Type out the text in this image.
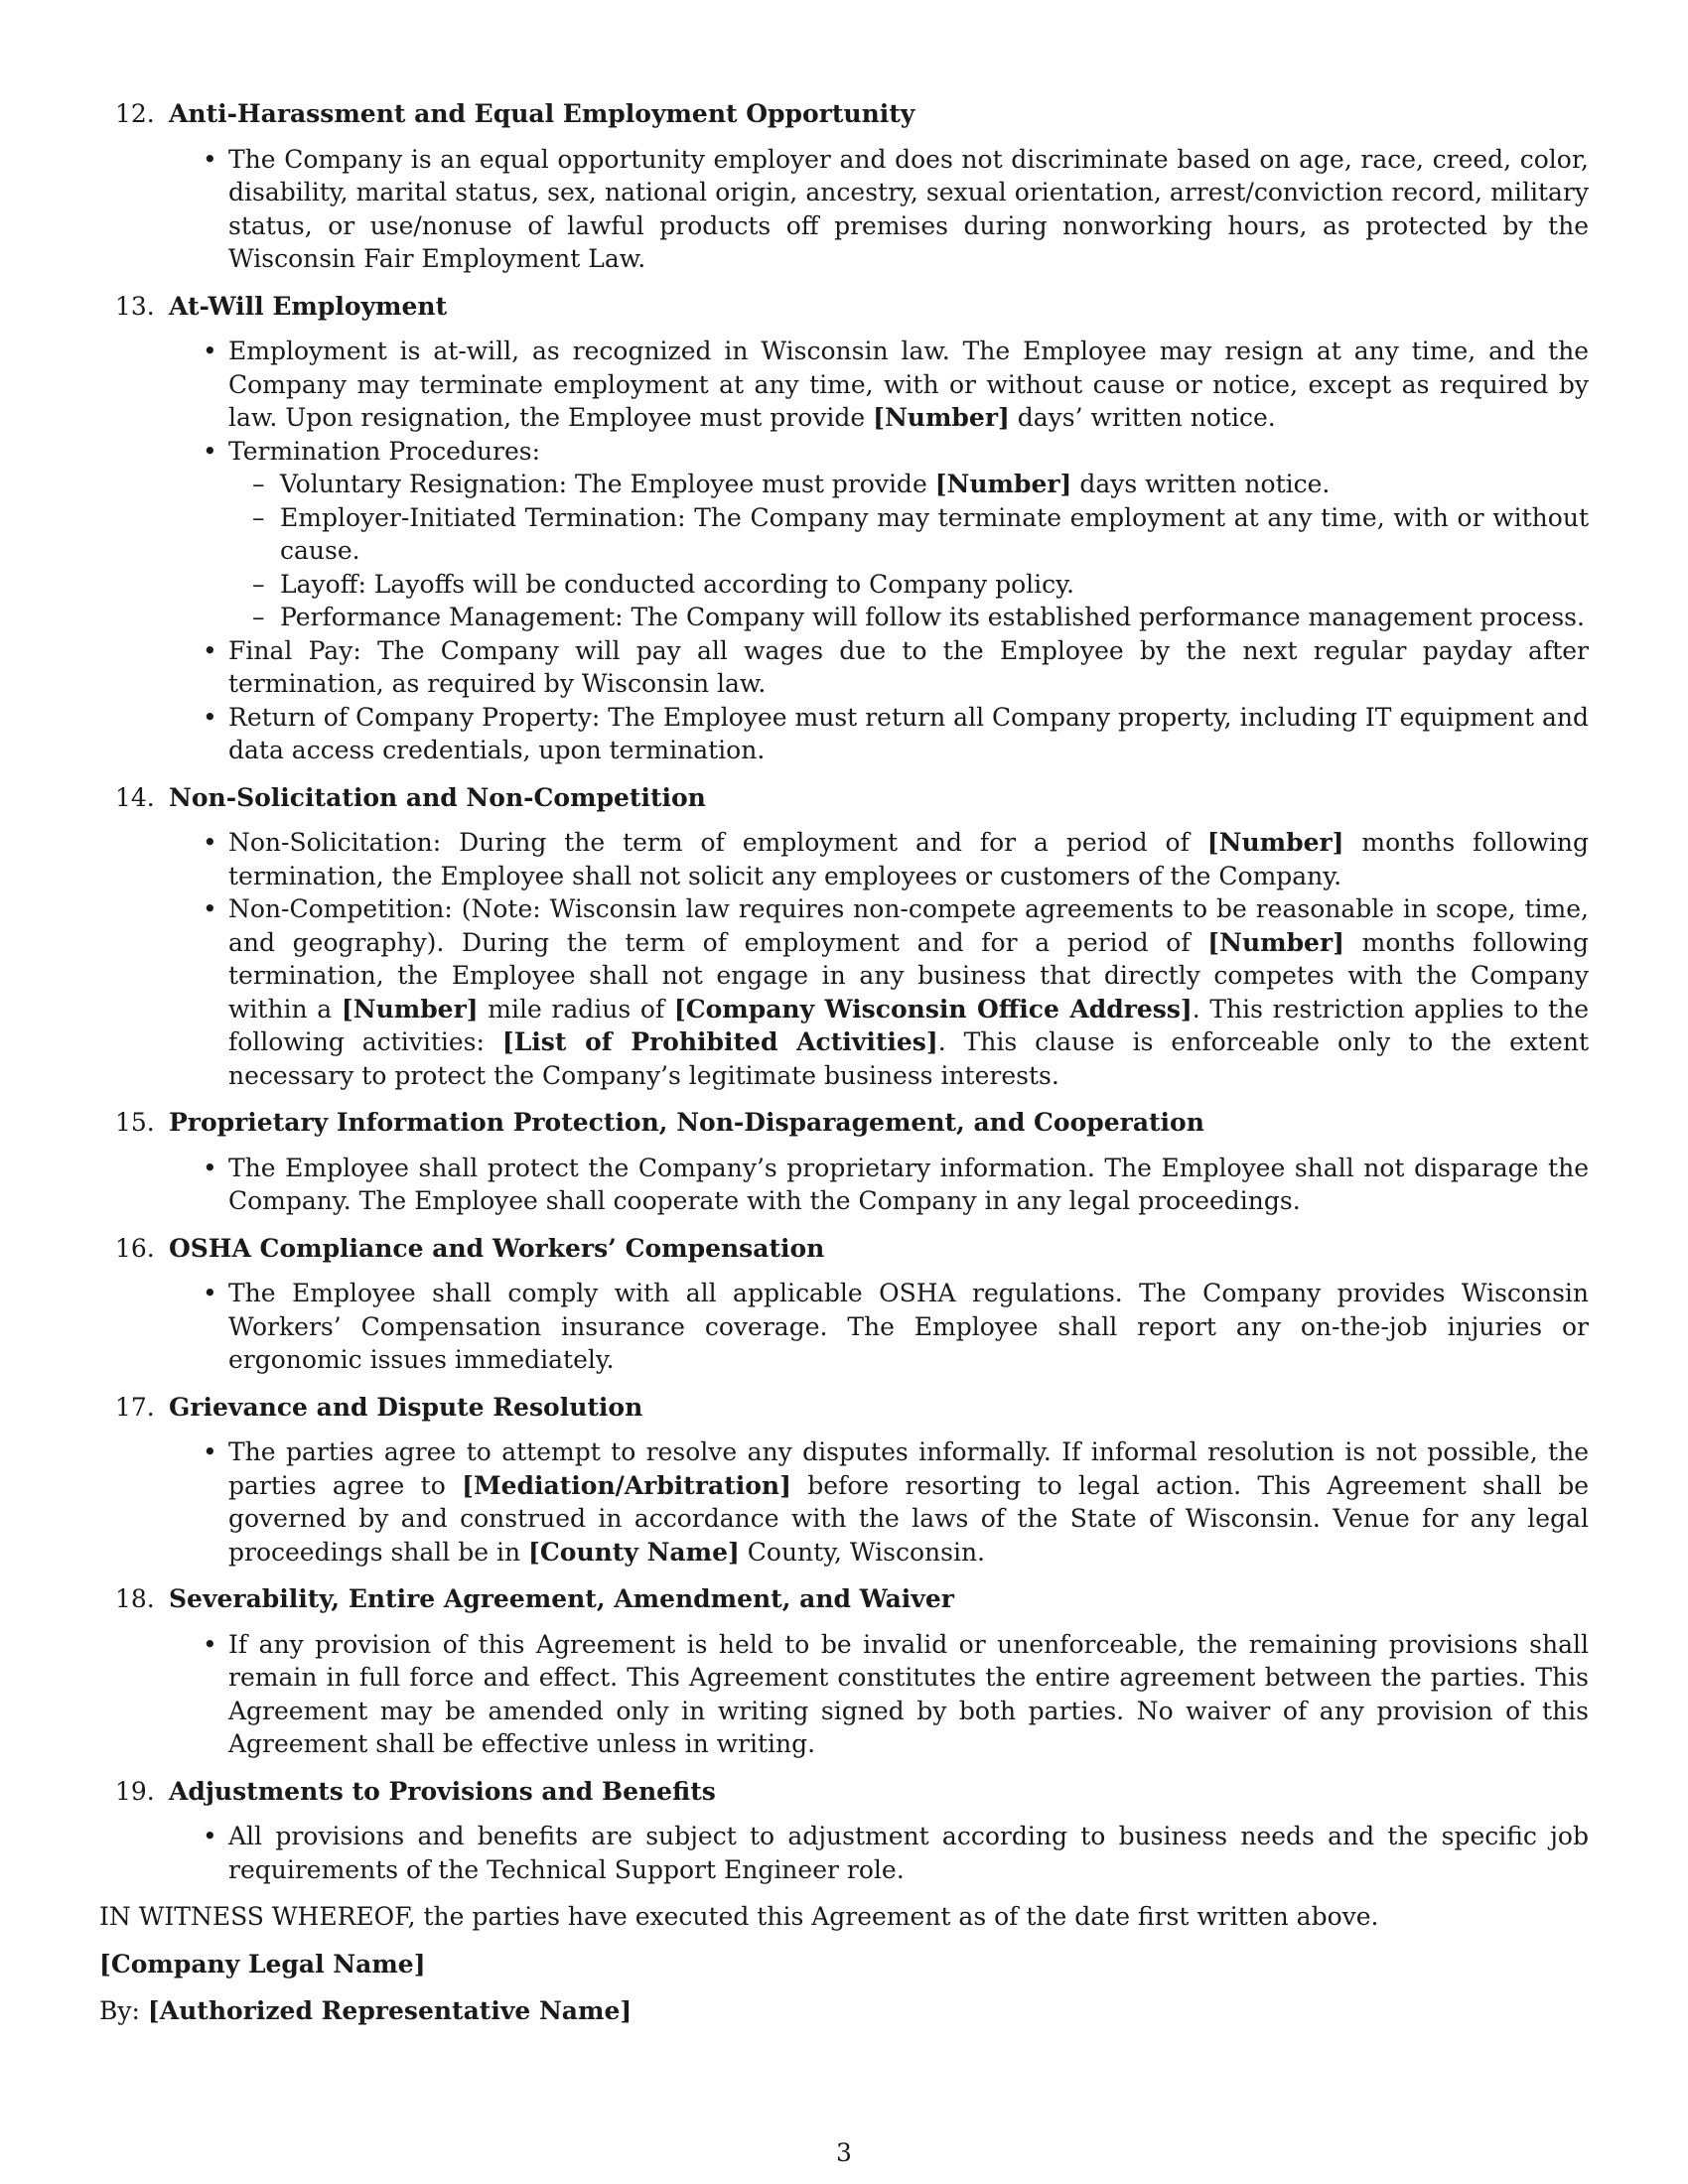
12. Anti-Harassment and Equal Employment Opportunity
• The Company is an equal opportunity employer and does not discriminate based on age, race, creed, color, disability, marital status, sex, national origin, ancestry, sexual orientation, arrest/conviction record, military status, or use/nonuse of lawful products off premises during nonworking hours, as protected by the Wisconsin Fair Employment Law.
13. At-Will Employment
• Employment is at-will, as recognized in Wisconsin law. The Employee may resign at any time, and the Company may terminate employment at any time, with or without cause or notice, except as required by law. Upon resignation, the Employee must provide [Number] days’ written notice.
• Termination Procedures:
– Voluntary Resignation: The Employee must provide [Number] days written notice.
– Employer-Initiated Termination: The Company may terminate employment at any time, with or without cause.
– Layoff: Layoffs will be conducted according to Company policy.
– Performance Management: The Company will follow its established performance management process.
• Final Pay: The Company will pay all wages due to the Employee by the next regular payday after termination, as required by Wisconsin law.
• Return of Company Property: The Employee must return all Company property, including IT equipment and data access credentials, upon termination.
14. Non-Solicitation and Non-Competition
• Non-Solicitation: During the term of employment and for a period of [Number] months following termination, the Employee shall not solicit any employees or customers of the Company.
• Non-Competition: (Note: Wisconsin law requires non-compete agreements to be reasonable in scope, time, and geography). During the term of employment and for a period of [Number] months following termination, the Employee shall not engage in any business that directly competes with the Company within a [Number] mile radius of [Company Wisconsin Office Address]. This restriction applies to the following activities: [List of Prohibited Activities]. This clause is enforceable only to the extent necessary to protect the Company’s legitimate business interests.
15. Proprietary Information Protection, Non-Disparagement, and Cooperation
• The Employee shall protect the Company’s proprietary information. The Employee shall not disparage the Company. The Employee shall cooperate with the Company in any legal proceedings.
16. OSHA Compliance and Workers’ Compensation
• The Employee shall comply with all applicable OSHA regulations. The Company provides Wisconsin Workers’ Compensation insurance coverage. The Employee shall report any on-the-job injuries or ergonomic issues immediately.
17. Grievance and Dispute Resolution
• The parties agree to attempt to resolve any disputes informally. If informal resolution is not possible, the parties agree to [Mediation/Arbitration] before resorting to legal action. This Agreement shall be governed by and construed in accordance with the laws of the State of Wisconsin. Venue for any legal proceedings shall be in [County Name] County, Wisconsin.
18. Severability, Entire Agreement, Amendment, and Waiver
• If any provision of this Agreement is held to be invalid or unenforceable, the remaining provisions shall remain in full force and effect. This Agreement constitutes the entire agreement between the parties. This Agreement may be amended only in writing signed by both parties. No waiver of any provision of this Agreement shall be effective unless in writing.
19. Adjustments to Provisions and Benefits
• All provisions and benefits are subject to adjustment according to business needs and the specific job requirements of the Technical Support Engineer role.

IN WITNESS WHEREOF, the parties have executed this Agreement as of the date first written above.

[Company Legal Name]

By: [Authorized Representative Name]

3
